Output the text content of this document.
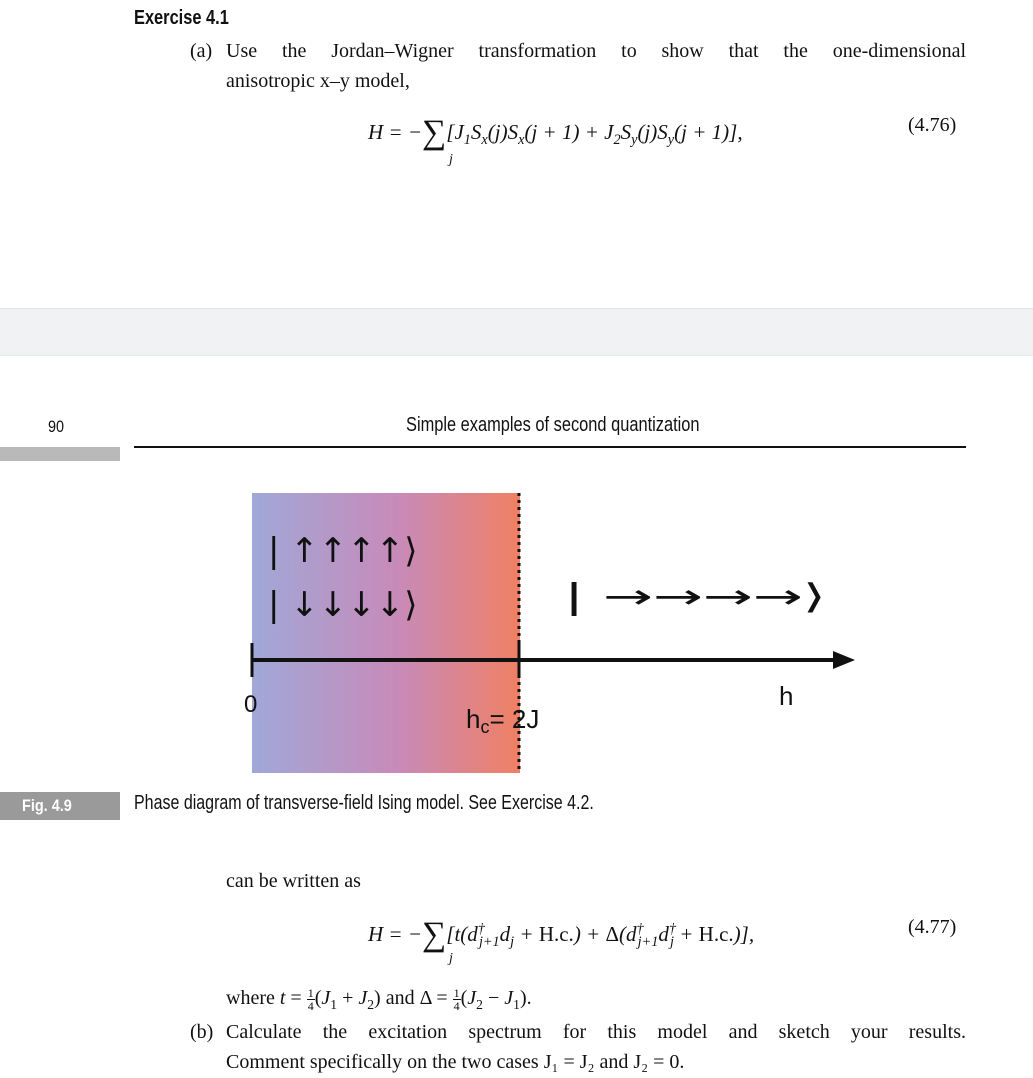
Exercise 4.1
(a) Use the Jordan–Wigner transformation to show that the one-dimensional
anisotropic x–y model,
$H = -\sum[J_1S_x(j)S_x(j + 1) + J_2S_y(j)S_y(j + 1)]$,
j
(4.76)
90	Simple examples of second quantization
| ↑↑↑↑⟩
| ↓↓↓↓⟩	| →→→→⟩
0	hc= 2J
h
Fig. 4.9	Phase diagram of transverse-field Ising model. See Exercise 4.2.
can be written as
$H = -\sum[t(d^\dagger_{j+1}d_j + H.c.) + \Delta(d^\dagger_{j+1}d^\dagger_j + H.c.)]$,
j
(4.77)
where $t = \frac{1}{4} (J_1 + J_2)$ and $\Delta = \frac{1}{4} (J_2 - J_1)$.
(b) Calculate the excitation spectrum for this model and sketch your results.
Comment specifically on the two cases J₁ = J₂ and J₂ = 0.
